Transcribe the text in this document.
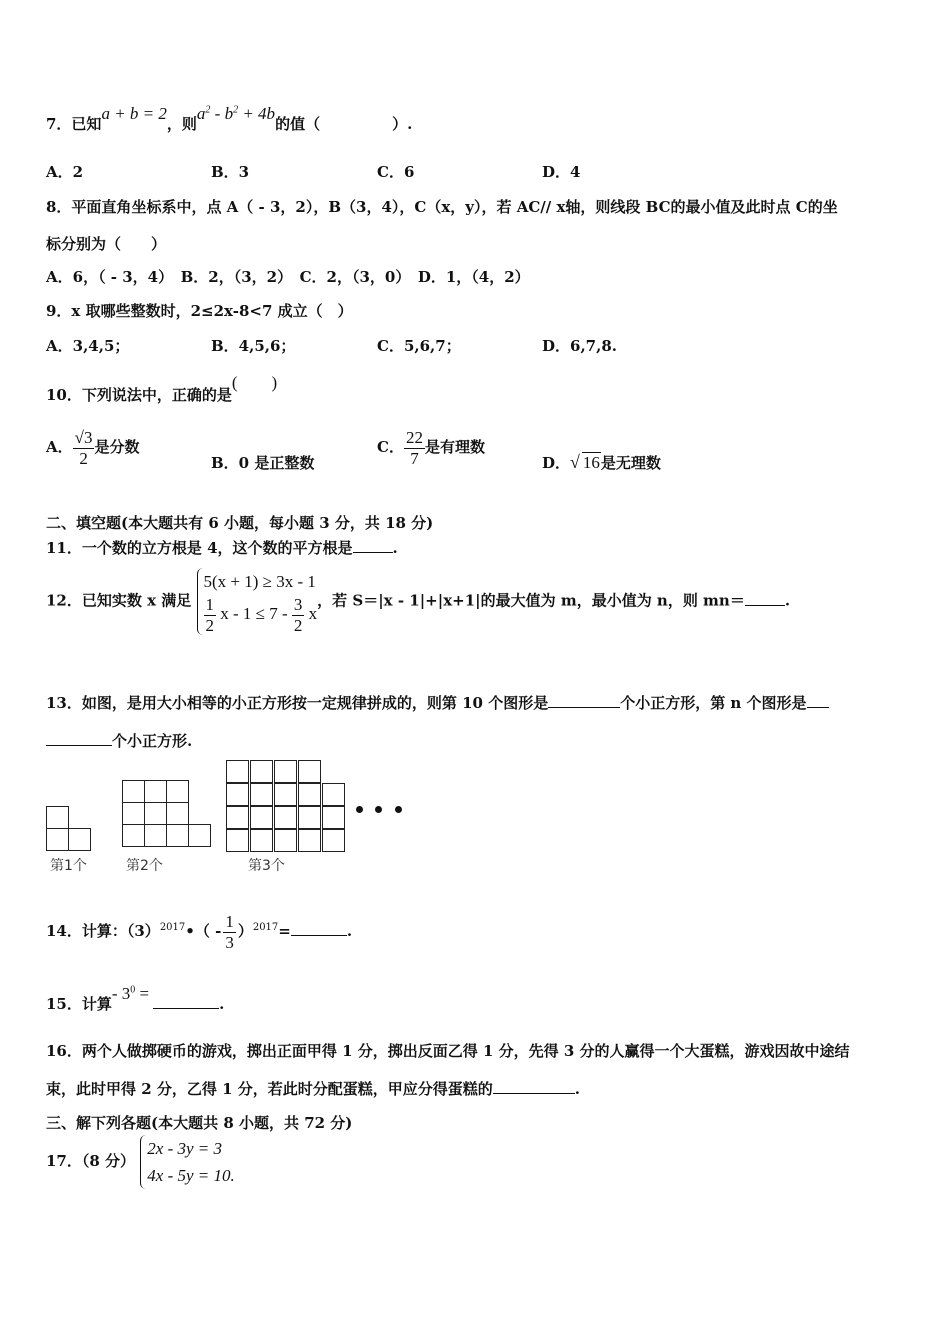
7．已知a + b = 2，则$a^2 - b^2 + 4b$的值（	）.
A．2	B．3	C．6	D．4
8．平面直角坐标系中，点 A（ - 3，2），B（3，4），C（x，y），若 AC// x轴，则线段 BC的最小值及此时点 C的坐
标分别为（　　）
A．6，（ - 3，4）　B．2，（3，2）　C．2，（3，0）　D．1，（4，2）
9．x 取哪些整数时，2≤2x-8<7 成立（　）
A．3,4,5；	B．4,5,6；	C．5,6,7；	D．6,7,8.
10．下列说法中，正确的是(　　)
A． $\frac{√3}{2}$ 是分数
B．0 是正整数
C． $\frac{22}{7}$ 是有理数
D．√ 16是无理数
二、填空题(本大题共有 6 小题，每小题 3 分，共 18 分)
11．一个数的立方根是 4，这个数的平方根是	.
12．已知实数 x 满足
5(x + 1) ≥ 3x - 1
$\frac{1}{2}$ $x - 1 \le 7 - \frac{3}{2}$ x
，若 S＝|x - 1|+|x+1|的最大值为 m，最小值为 n，则 mn＝	.
13．如图，是用大小相等的小正方形按一定规律拼成的，则第 10 个图形是	个小正方形，第 n 个图形是
个小正方形.
第1个	第2个	第3个
14．计算：$(3)^{2017}•( - \frac{1}{3} )^{2017}=$	.
15．计算- $3^0$ =.
16．两个人做掷硬币的游戏，掷出正面甲得 1 分，掷出反面乙得 1 分，先得 3 分的人赢得一个大蛋糕，游戏因故中途结
束，此时甲得 2 分，乙得 1 分，若此时分配蛋糕，甲应分得蛋糕的	.
三、解下列各题(本大题共 8 小题，共 72 分)
17．（8 分）
2x - 3y = 3
4x - 5y = 10.
